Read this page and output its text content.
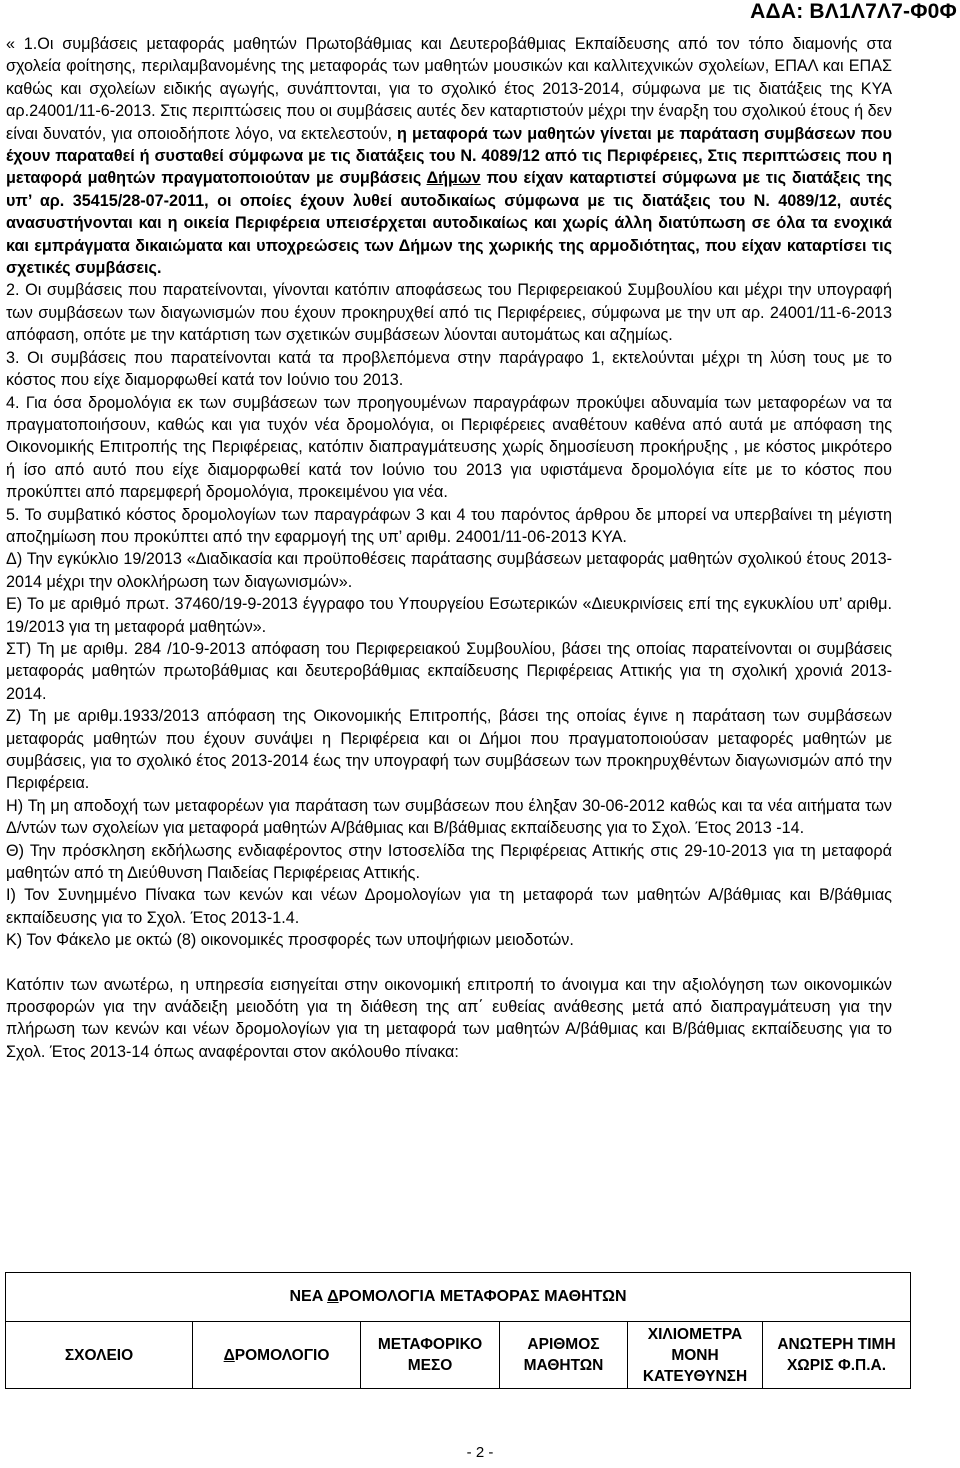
ΑΔΑ: ΒΛ1Λ7Λ7-Φ0Φ

« 1.Οι συμβάσεις μεταφοράς μαθητών Πρωτοβάθμιας και Δευτεροβάθμιας Εκπαίδευσης από τον τόπο διαμονής στα σχολεία φοίτησης, περιλαμβανομένης της μεταφοράς των μαθητών μουσικών και καλλιτεχνικών σχολείων, ΕΠΑΛ και ΕΠΑΣ καθώς και σχολείων ειδικής αγωγής, συνάπτονται, για το σχολικό έτος 2013-2014, σύμφωνα με τις διατάξεις της ΚΥΑ αρ.24001/11-6-2013. Στις περιπτώσεις που οι συμβάσεις αυτές δεν καταρτιστούν μέχρι την έναρξη του σχολικού έτους ή δεν είναι δυνατόν, για οποιοδήποτε λόγο, να εκτελεστούν, η μεταφορά των μαθητών γίνεται με παράταση συμβάσεων που έχουν παραταθεί ή συσταθεί σύμφωνα με τις διατάξεις του Ν. 4089/12 από τις Περιφέρειες, Στις περιπτώσεις που η μεταφορά μαθητών πραγματοποιούταν με συμβάσεις Δήμων που είχαν καταρτιστεί σύμφωνα με τις διατάξεις της υπ’ αρ. 35415/28-07-2011, οι οποίες έχουν λυθεί αυτοδικαίως σύμφωνα με τις διατάξεις του Ν. 4089/12, αυτές ανασυστήνονται και η οικεία Περιφέρεια υπεισέρχεται αυτοδικαίως και χωρίς άλλη διατύπωση σε όλα τα ενοχικά και εμπράγματα δικαιώματα και υποχρεώσεις των Δήμων της χωρικής της αρμοδιότητας, που είχαν καταρτίσει τις σχετικές συμβάσεις.

2. Οι συμβάσεις που παρατείνονται, γίνονται κατόπιν αποφάσεως του Περιφερειακού Συμβουλίου και μέχρι την υπογραφή των συμβάσεων των διαγωνισμών που έχουν προκηρυχθεί από τις Περιφέρειες, σύμφωνα με την υπ αρ. 24001/11-6-2013 απόφαση, οπότε με την κατάρτιση των σχετικών συμβάσεων λύονται αυτομάτως και αζημίως.

3. Οι συμβάσεις που παρατείνονται κατά τα προβλεπόμενα στην παράγραφο 1, εκτελούνται μέχρι τη λύση τους με το κόστος που είχε διαμορφωθεί κατά τον Ιούνιο του 2013.

4. Για όσα δρομολόγια εκ των συμβάσεων των προηγουμένων παραγράφων προκύψει αδυναμία των μεταφορέων να τα πραγματοποιήσουν, καθώς και για τυχόν νέα δρομολόγια, οι Περιφέρειες αναθέτουν καθένα από αυτά με απόφαση της Οικονομικής Επιτροπής της Περιφέρειας, κατόπιν διαπραγμάτευσης χωρίς δημοσίευση προκήρυξης , με κόστος μικρότερο ή ίσο από αυτό που είχε διαμορφωθεί κατά τον Ιούνιο του 2013 για υφιστάμενα δρομολόγια είτε με το κόστος που προκύπτει από παρεμφερή δρομολόγια, προκειμένου για νέα.

5. Το συμβατικό κόστος δρομολογίων των παραγράφων 3 και 4 του παρόντος άρθρου δε μπορεί να υπερβαίνει τη μέγιστη αποζημίωση που προκύπτει από την εφαρμογή της υπ’ αριθμ. 24001/11-06-2013 ΚΥΑ.

Δ) Την εγκύκλιο 19/2013 «Διαδικασία και προϋποθέσεις παράτασης συμβάσεων μεταφοράς μαθητών σχολικού έτους 2013-2014 μέχρι την ολοκλήρωση των διαγωνισμών».

Ε) Το με αριθμό πρωτ. 37460/19-9-2013 έγγραφο του Υπουργείου Εσωτερικών «Διευκρινίσεις επί της εγκυκλίου υπ’ αριθμ. 19/2013 για τη μεταφορά μαθητών».

ΣΤ) Τη με αριθμ. 284 /10-9-2013 απόφαση του Περιφερειακού Συμβουλίου, βάσει της οποίας παρατείνονται οι συμβάσεις μεταφοράς μαθητών πρωτοβάθμιας και δευτεροβάθμιας εκπαίδευσης Περιφέρειας Αττικής για τη σχολική χρονιά 2013-2014.

Ζ) Τη με αριθμ.1933/2013 απόφαση της Οικονομικής Επιτροπής, βάσει της οποίας έγινε η παράταση των συμβάσεων μεταφοράς μαθητών που έχουν συνάψει η Περιφέρεια και οι Δήμοι που πραγματοποιούσαν μεταφορές μαθητών με συμβάσεις, για το σχολικό έτος 2013-2014 έως την υπογραφή των συμβάσεων των προκηρυχθέντων διαγωνισμών από την Περιφέρεια.

Η) Τη μη αποδοχή των μεταφορέων για παράταση των συμβάσεων που έληξαν 30-06-2012 καθώς και τα νέα αιτήματα των Δ/ντών των σχολείων για μεταφορά μαθητών Α/βάθμιας και Β/βάθμιας εκπαίδευσης για το Σχολ. Έτος 2013 -14.

Θ) Την πρόσκληση εκδήλωσης ενδιαφέροντος στην Ιστοσελίδα της Περιφέρειας Αττικής στις 29-10-2013 για τη μεταφορά μαθητών από τη Διεύθυνση Παιδείας Περιφέρειας Αττικής.

Ι) Τον Συνημμένο Πίνακα των κενών και νέων Δρομολογίων για τη μεταφορά των μαθητών Α/βάθμιας και Β/βάθμιας εκπαίδευσης για το Σχολ. Έτος 2013-1.4.

Κ) Τον Φάκελο με οκτώ (8) οικονομικές προσφορές των υποψήφιων μειοδοτών.

Κατόπιν των ανωτέρω, η υπηρεσία εισηγείται στην οικονομική επιτροπή το άνοιγμα και την αξιολόγηση των οικονομικών προσφορών για την ανάδειξη μειοδότη για τη διάθεση της απ΄ ευθείας ανάθεσης μετά από διαπραγμάτευση για την πλήρωση των κενών και νέων δρομολογίων για τη μεταφορά των μαθητών Α/βάθμιας και Β/βάθμιας εκπαίδευσης για το Σχολ. Έτος 2013-14 όπως αναφέρονται στον ακόλουθο πίνακα:

ΝΕΑ ΔΡΟΜΟΛΟΓΙΑ ΜΕΤΑΦΟΡΑΣ ΜΑΘΗΤΩΝ
ΣΧΟΛΕΙΟ	ΔΡΟΜΟΛΟΓΙΟ	ΜΕΤΑΦΟΡΙΚΟ ΜΕΣΟ	ΑΡΙΘΜΟΣ ΜΑΘΗΤΩΝ	ΧΙΛΙΟΜΕΤΡΑ ΜΟΝΗ ΚΑΤΕΥΘΥΝΣΗ	ΑΝΩΤΕΡΗ ΤΙΜΗ ΧΩΡΙΣ Φ.Π.Α.
- 2 -
